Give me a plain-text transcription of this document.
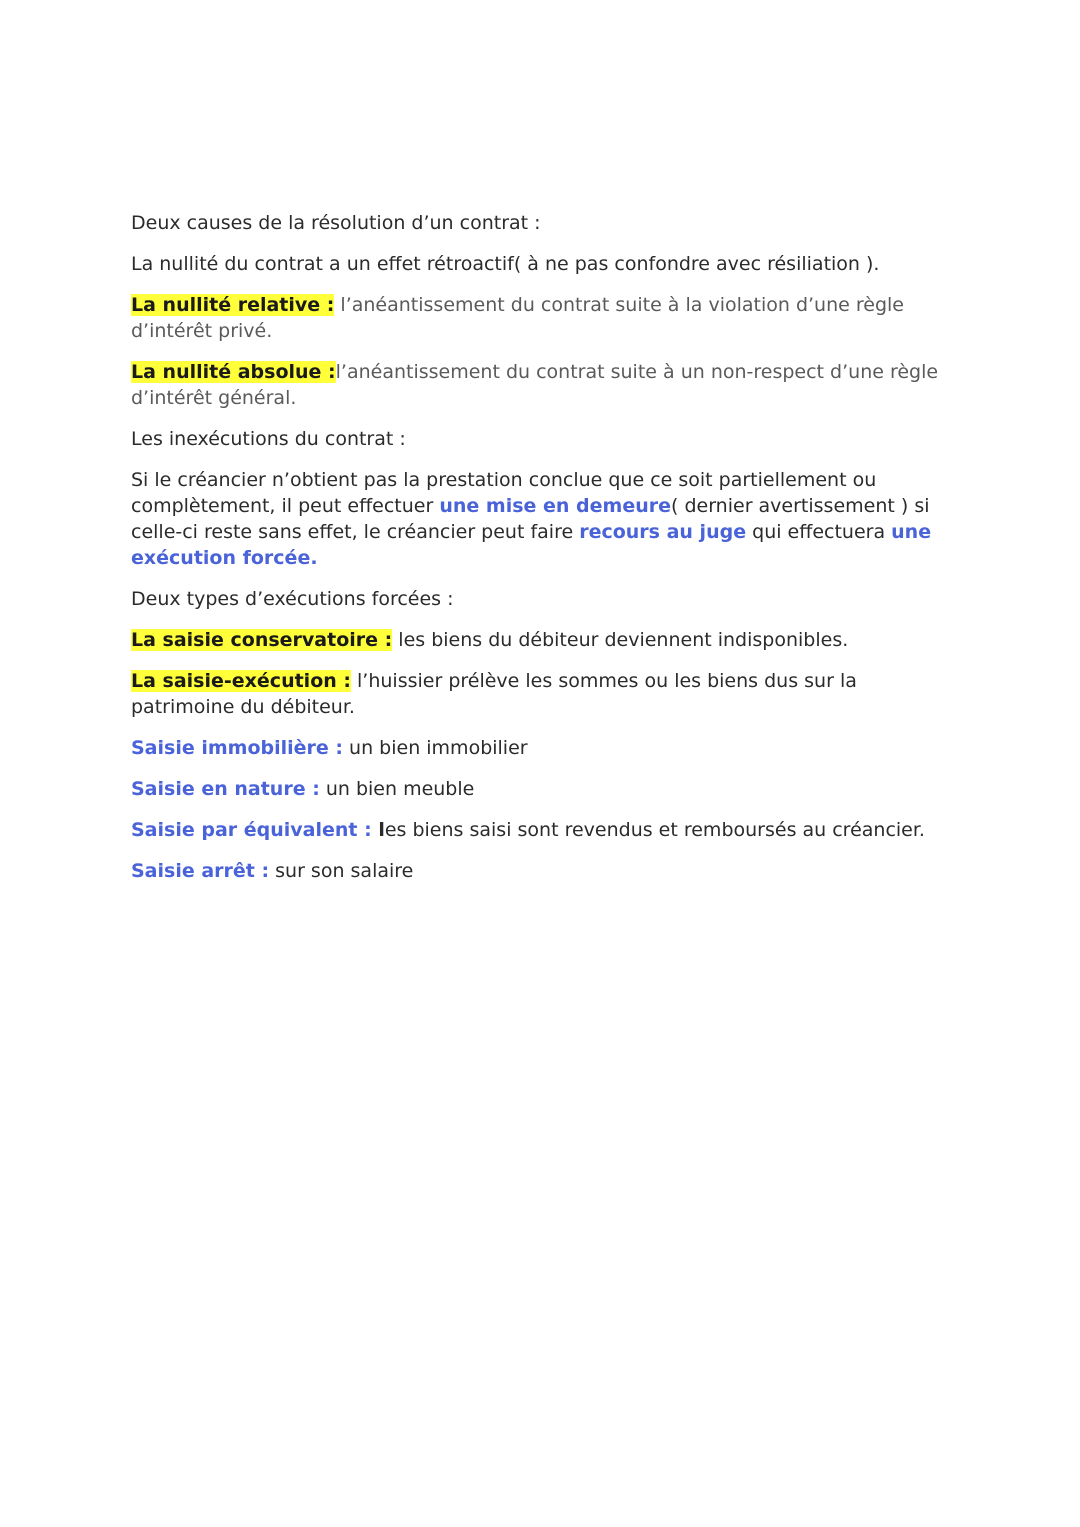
Deux causes de la résolution d’un contrat :

La nullité du contrat a un effet rétroactif( à ne pas confondre avec résiliation ).

La nullité relative : l’anéantissement du contrat suite à la violation d’une règle d’intérêt privé.

La nullité absolue :l’anéantissement du contrat suite à un non-respect d’une règle d’intérêt général.

Les inexécutions du contrat :

Si le créancier n’obtient pas la prestation conclue que ce soit partiellement ou complètement, il peut effectuer une mise en demeure( dernier avertissement ) si celle-ci reste sans effet, le créancier peut faire recours au juge qui effectuera une exécution forcée.

Deux types d’exécutions forcées :

La saisie conservatoire : les biens du débiteur deviennent indisponibles.

La saisie-exécution : l’huissier prélève les sommes ou les biens dus sur la patrimoine du débiteur.

Saisie immobilière : un bien immobilier

Saisie en nature : un bien meuble

Saisie par équivalent : les biens saisi sont revendus et remboursés au créancier.

Saisie arrêt : sur son salaire
